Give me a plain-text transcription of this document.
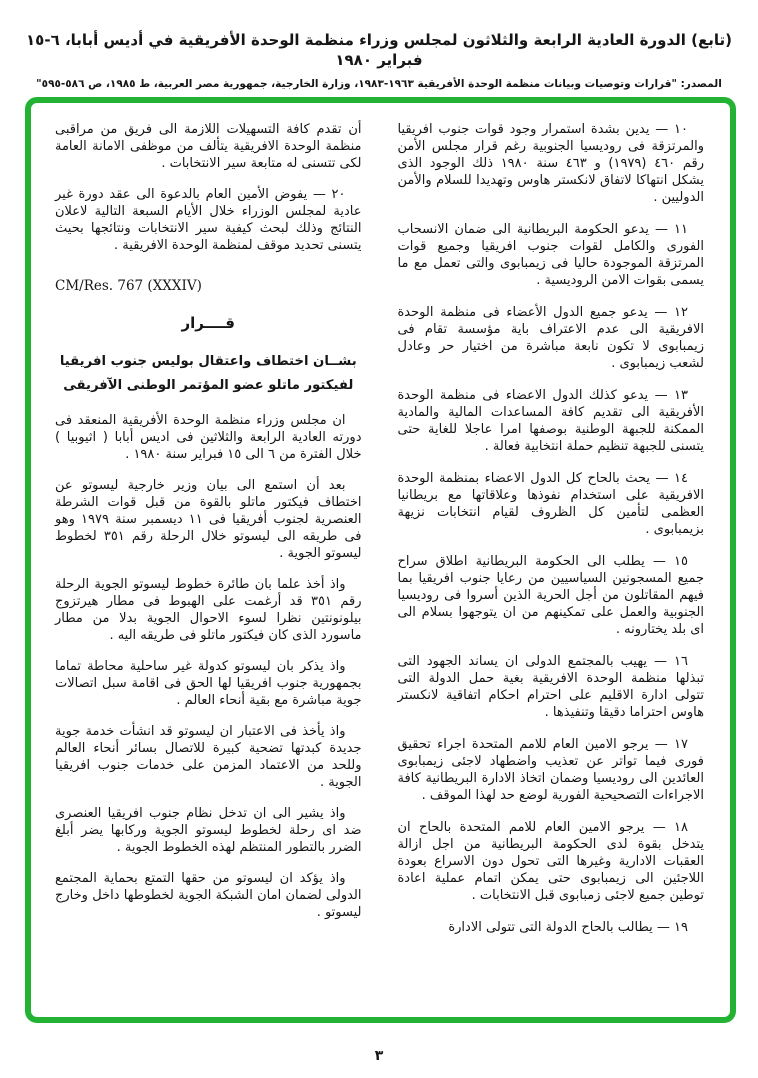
(تابع) الدورة العادية الرابعة والثلاثون لمجلس وزراء منظمة الوحدة الأفريقية في أديس أبابا، ٦-١٥ فبراير ١٩٨٠
المصدر: "قرارات وتوصيات وبيانات منظمة الوحدة الأفريقية ١٩٦٣-١٩٨٣، وزارة الخارجية، جمهورية مصر العربية، ط ١٩٨٥، ص ٥٨٦-٥٩٥"

١٠ — يدين بشدة استمرار وجود قوات جنوب افريقيا والمرتزقة فى روديسيا الجنوبية رغم قرار مجلس الأمن رقم ٤٦٠ (١٩٧٩) و ٤٦٣ سنة ١٩٨٠ ذلك الوجود الذى يشكل انتهاكا لاتفاق لانكستر هاوس وتهديدا للسلام والأمن الدوليين .

١١ — يدعو الحكومة البريطانية الى ضمان الانسحاب الفورى والكامل لقوات جنوب افريقيا وجميع قوات المرتزقة الموجودة حاليا فى زيمبابوى والتى تعمل مع ما يسمى بقوات الامن الروديسية .

١٢ — يدعو جميع الدول الأعضاء فى منظمة الوحدة الافريقية الى عدم الاعتراف باية مؤسسة تقام فى زيمبابوى لا تكون نابعة مباشرة من اختيار حر وعادل لشعب زيمبابوى .

١٣ — يدعو كذلك الدول الاعضاء فى منظمة الوحدة الأفريقية الى تقديم كافة المساعدات المالية والمادية الممكنة للجبهة الوطنية بوصفها امرا عاجلا للغاية حتى يتسنى للجبهة تنظيم حملة انتخابية فعالة .

١٤ — يحث بالحاح كل الدول الاعضاء بمنظمة الوحدة الافريقية على استخدام نفوذها وعلاقاتها مع بريطانيا العظمى لتأمين كل الظروف لقيام انتخابات نزيهة بزيمبابوى .

١٥ — يطلب الى الحكومة البريطانية اطلاق سراح جميع المسجونين السياسيين من رعايا جنوب افريقيا بما فيهم المقاتلون من أجل الحرية الذين أسروا فى روديسيا الجنوبية والعمل على تمكينهم من ان يتوجهوا بسلام الى اى بلد يختارونه .

١٦ — يهيب بالمجتمع الدولى ان يساند الجهود التى تبذلها منظمة الوحدة الافريقية بغية حمل الدولة التى تتولى ادارة الاقليم على احترام احكام اتفاقية لانكستر هاوس احتراما دقيقا وتنفيذها .

١٧ — يرجو الامين العام للامم المتحدة اجراء تحقيق فورى فيما تواتر عن تعذيب واضطهاد لاجئى زيمبابوى العائدين الى روديسيا وضمان اتخاذ الادارة البريطانية كافة الاجراءات التصحيحية الفورية لوضع حد لهذا الموقف .

١٨ — يرجو الامين العام للامم المتحدة بالحاح ان يتدخل بقوة لدى الحكومة البريطانية من اجل ازالة العقبات الادارية وغيرها التى تحول دون الاسراع بعودة اللاجئين الى زيمبابوى حتى يمكن اتمام عملية اعادة توطين جميع لاجئى زمبابوى قبل الانتخابات .

١٩ — يطالب بالحاح الدولة التى تتولى الادارة

أن تقدم كافة التسهيلات اللازمة الى فريق من مراقبى منظمة الوحدة الافريقية يتألف من موظفى الامانة العامة لكى تتسنى له متابعة سير الانتخابات .

٢٠ — يفوض الأمين العام بالدعوة الى عقد دورة غير عادية لمجلس الوزراء خلال الأيام السبعة التالية لاعلان النتائج وذلك لبحث كيفية سير الانتخابات ونتائجها بحيث يتسنى تحديد موقف لمنظمة الوحدة الافريقية .

CM/Res. 767 (XXXIV)
قــــرار
بشــان اختطاف واعتقال بوليس جنوب افريقيا
لفيكتور ماتلو عضو المؤتمر الوطنى الآفريقى

ان مجلس وزراء منظمة الوحدة الأفريقية المنعقد فى دورته العادية الرابعة والثلاثين فى اديس أبابا ( اثيوبيا ) خلال الفترة من ٦ الى ١٥ فبراير سنة ١٩٨٠ .

بعد أن استمع الى بيان وزير خارجية ليسوتو عن اختطاف فيكتور ماتلو بالقوة من قبل قوات الشرطة العنصرية لجنوب أفريقيا فى ١١ ديسمبر سنة ١٩٧٩ وهو فى طريقه الى ليسوتو خلال الرحلة رقم ٣٥١ لخطوط ليسوتو الجوية .

واذ أخذ علما بان طائرة خطوط ليسوتو الجوية الرحلة رقم ٣٥١ قد أرغمت على الهبوط فى مطار هيرتزوج بيلونونتين نظرا لسوء الاحوال الجوية بدلا من مطار ماسورد الذى كان فيكتور ماتلو فى طريقه اليه .

واذ يذكر بان ليسوتو كدولة غير ساحلية محاطة تماما بجمهورية جنوب افريقيا لها الحق فى اقامة سبل اتصالات جوية مباشرة مع بقية أنحاء العالم .

واذ يأخذ فى الاعتبار ان ليسوتو قد انشأت خدمة جوية جديدة كبدتها تضحية كبيرة للاتصال بسائر أنحاء العالم وللحد من الاعتماد المزمن على خدمات جنوب افريقيا الجوية .

واذ يشير الى ان تدخل نظام جنوب افريقيا العنصرى ضد اى رحلة لخطوط ليسوتو الجوية وركابها يضر أبلغ الضرر بالتطور المنتظم لهذه الخطوط الجوية .

واذ يؤكد ان ليسوتو من حقها التمتع بحماية المجتمع الدولى لضمان امان الشبكة الجوية لخطوطها داخل وخارج ليسوتو .

٣
